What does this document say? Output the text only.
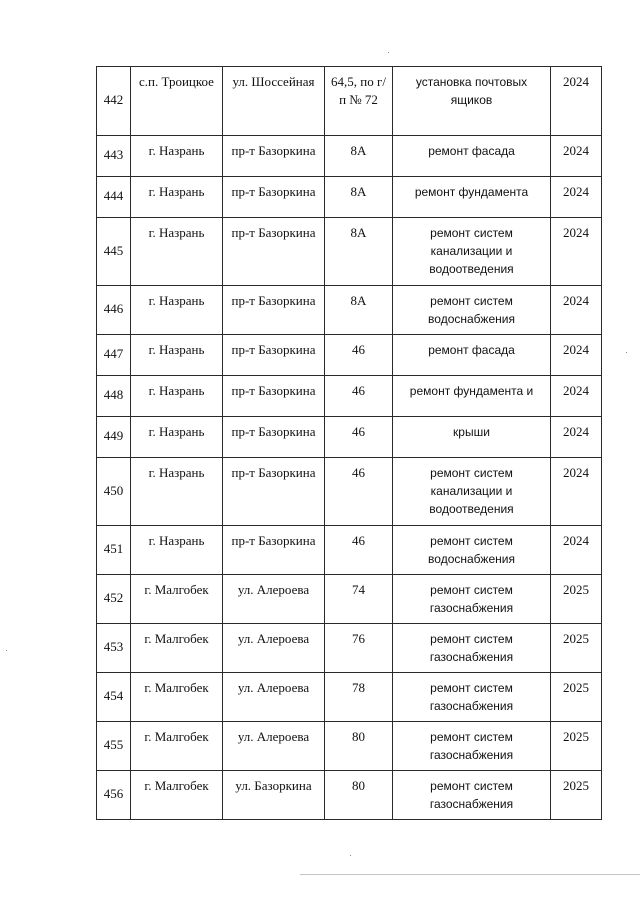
442	с.п. Троицкое	ул. Шоссейная	64,5, по г/п № 72	установка почтовых ящиков	2024
443	г. Назрань	пр-т Базоркина	8А	ремонт фасада	2024
444	г. Назрань	пр-т Базоркина	8А	ремонт фундамента	2024
445	г. Назрань	пр-т Базоркина	8А	ремонт систем канализации и водоотведения	2024
446	г. Назрань	пр-т Базоркина	8А	ремонт систем водоснабжения	2024
447	г. Назрань	пр-т Базоркина	46	ремонт фасада	2024
448	г. Назрань	пр-т Базоркина	46	ремонт фундамента и	2024
449	г. Назрань	пр-т Базоркина	46	крыши	2024
450	г. Назрань	пр-т Базоркина	46	ремонт систем канализации и водоотведения	2024
451	г. Назрань	пр-т Базоркина	46	ремонт систем водоснабжения	2024
452	г. Малгобек	ул. Алероева	74	ремонт систем газоснабжения	2025
453	г. Малгобек	ул. Алероева	76	ремонт систем газоснабжения	2025
454	г. Малгобек	ул. Алероева	78	ремонт систем газоснабжения	2025
455	г. Малгобек	ул. Алероева	80	ремонт систем газоснабжения	2025
456	г. Малгобек	ул. Базоркина	80	ремонт систем газоснабжения	2025
